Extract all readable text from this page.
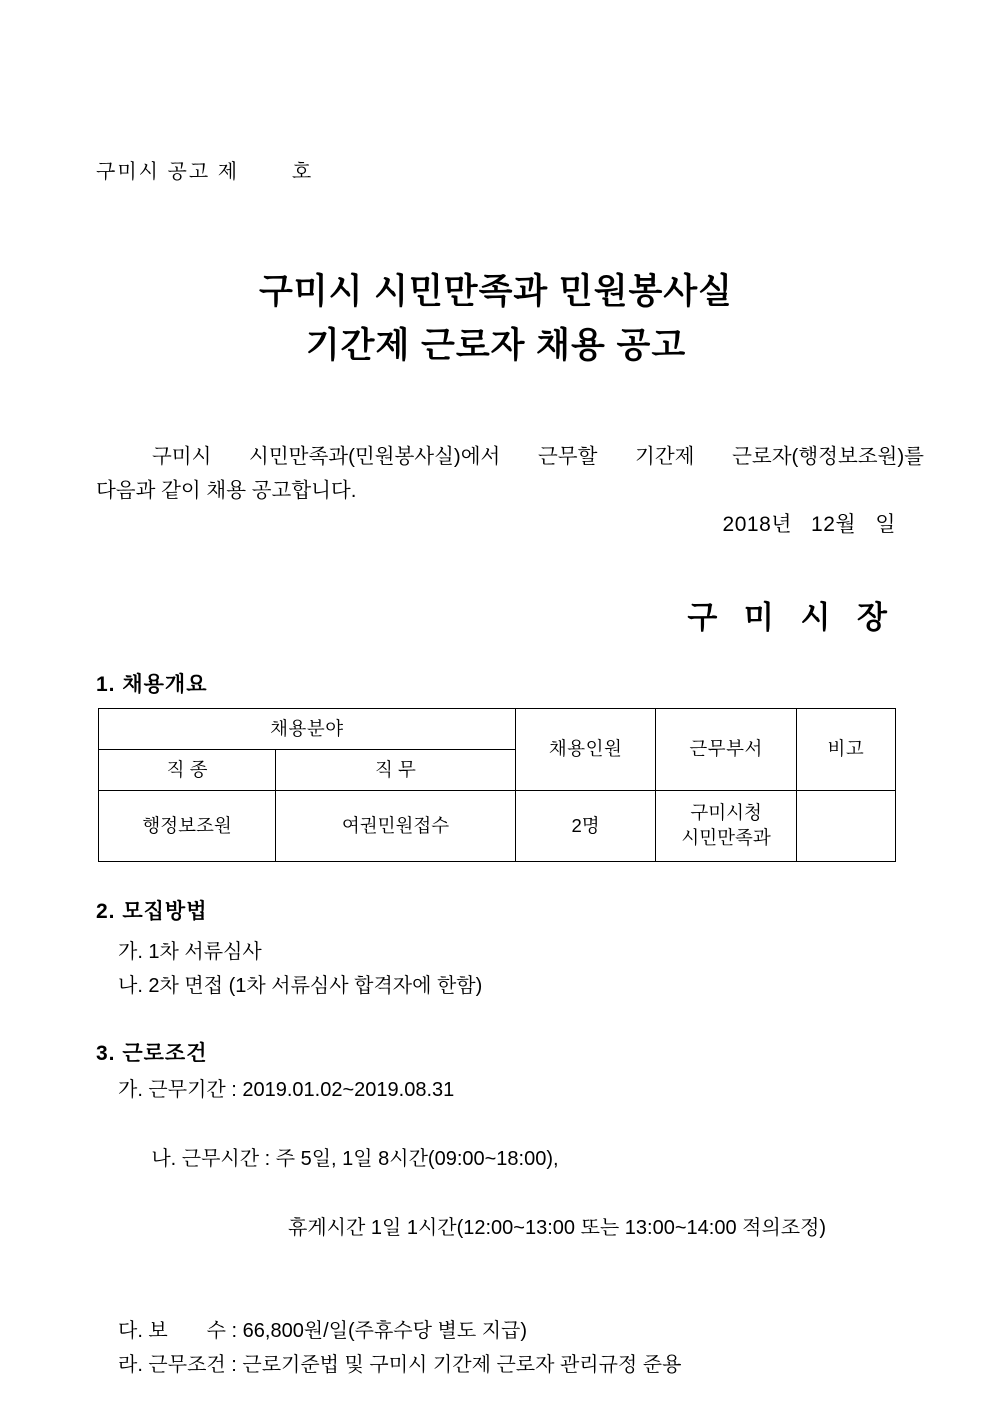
구미시 공고 제       호
구미시 시민만족과 민원봉사실
기간제 근로자 채용 공고
구미시 시민만족과(민원봉사실)에서 근무할 기간제 근로자(행정보조원)를
다음과 같이 채용 공고합니다.
2018년   12월   일
구 미 시 장
1. 채용개요
채용분야		채용인원	근무부서	비고
직 종	직 무			
행정보조원	여권민원접수	2명	구미시청
시민만족과	

2. 모집방법
가. 1차 서류심사
나. 2차 면접 (1차 서류심사 합격자에 한함)
3. 근로조건
가. 근무기간 : 2019.01.02~2019.08.31

나. 근무시간 : 주 5일, 1일 8시간(09:00~18:00),

휴게시간 1일 1시간(12:00~13:00 또는 13:00~14:00 적의조정)

다. 보       수 : 66,800원/일(주휴수당 별도 지급)
라. 근무조건 : 근로기준법 및 구미시 기간제 근로자 관리규정 준용
